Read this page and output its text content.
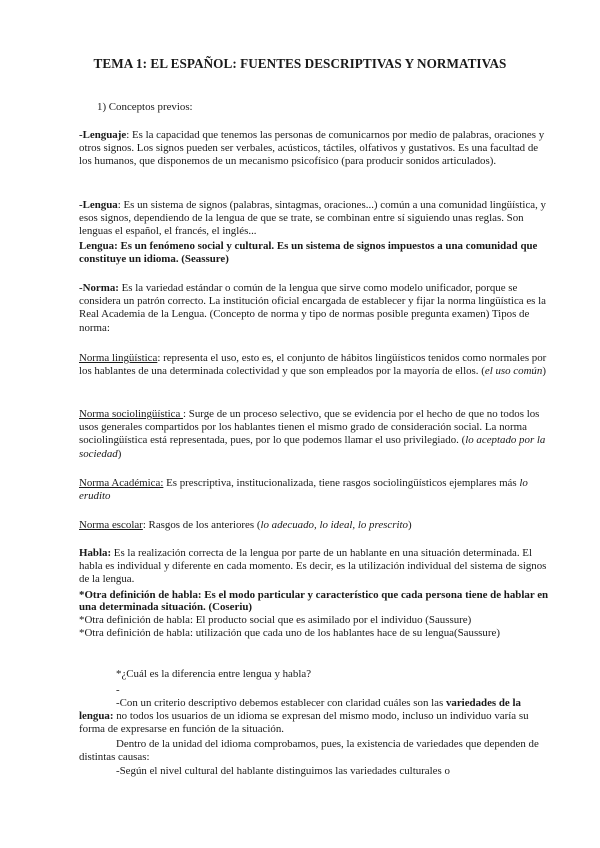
TEMA 1: EL ESPAÑOL: FUENTES DESCRIPTIVAS Y NORMATIVAS

1) Conceptos previos:

-Lenguaje: Es la capacidad que tenemos las personas de comunicarnos por medio de palabras, oraciones y otros signos. Los signos pueden ser verbales, acústicos, táctiles, olfativos y gustativos. Es una facultad de los humanos, que disponemos de un mecanismo psicofísico (para producir sonidos articulados).

-Lengua: Es un sistema de signos (palabras, sintagmas, oraciones...) común a una comunidad lingüística, y esos signos, dependiendo de la lengua de que se trate, se combinan entre sí siguiendo unas reglas. Son lenguas el español, el francés, el inglés...

Lengua: Es un fenómeno social y cultural. Es un sistema de signos impuestos a una comunidad que constituye un idioma. (Seassure)

-Norma: Es la variedad estándar o común de la lengua que sirve como modelo unificador, porque se considera un patrón correcto. La institución oficial encargada de establecer y fijar la norma lingüística es la Real Academia de la Lengua. (Concepto de norma y tipo de normas posible pregunta examen) Tipos de norma:

Norma lingüística: representa el uso, esto es, el conjunto de hábitos lingüísticos tenidos como normales por los hablantes de una determinada colectividad y que son empleados por la mayoría de ellos. (el uso común)

Norma sociolingüística : Surge de un proceso selectivo, que se evidencia por el hecho de que no todos los usos generales compartidos por los hablantes tienen el mismo grado de consideración social. La norma sociolingüística está representada, pues, por lo que podemos llamar el uso privilegiado. (lo aceptado por la sociedad)

Norma Académica: Es prescriptiva, institucionalizada, tiene rasgos sociolingüísticos ejemplares más lo erudito

Norma escolar: Rasgos de los anteriores (lo adecuado, lo ideal, lo prescrito)

Habla: Es la realización correcta de la lengua por parte de un hablante en una situación determinada. El habla es individual y diferente en cada momento. Es decir, es la utilización individual del sistema de signos de la lengua.

*Otra definición de habla: Es el modo particular y característico que cada persona tiene de hablar en una determinada situación. (Coseriu)

*Otra definición de habla: El producto social que es asimilado por el individuo (Saussure)

*Otra definición de habla: utilización que cada uno de los hablantes hace de su lengua(Saussure)

*¿Cuál es la diferencia entre lengua y habla?

-

-Con un criterio descriptivo debemos establecer con claridad cuáles son las variedades de la lengua: no todos los usuarios de un idioma se expresan del mismo modo, incluso un individuo varía su forma de expresarse en función de la situación.

Dentro de la unidad del idioma comprobamos, pues, la existencia de variedades que dependen de distintas causas:

-Según el nivel cultural del hablante distinguimos las variedades culturales o
